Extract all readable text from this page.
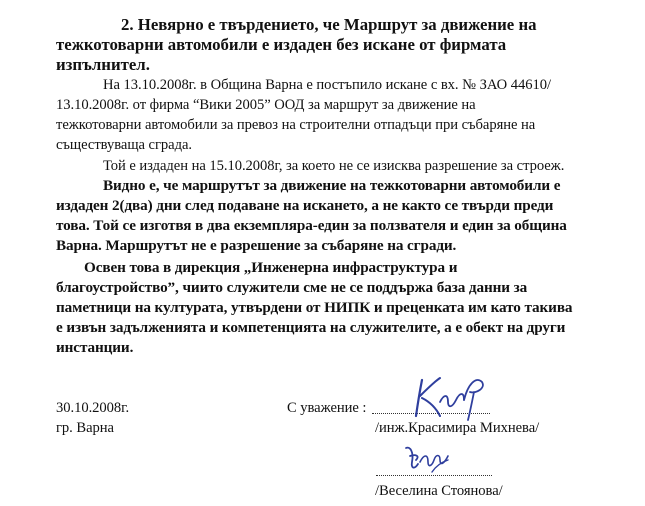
2. Невярно е твърдението, че Маршрут за движение на
тежкотоварни автомобили е издаден без искане от фирмата
изпълнител.
На 13.10.2008г. в Община Варна е постъпило искане с вх. № ЗАО 44610/
13.10.2008г. от фирма “Вики 2005” ООД за маршрут за движение на
тежкотоварни автомобили за превоз на строителни отпадъци при събаряне на
съществуваща сграда.
Той е издаден на 15.10.2008г, за което не се изисква разрешение за строеж.
Видно е, че маршрутът за движение на тежкотоварни автомобили е
издаден 2(два) дни след подаване на искането, а не както се твърди преди
това. Той се изготвя в два екземпляра-един за ползвателя и един за община
Варна. Маршрутът не е разрешение за събаряне на сгради.
Освен това в дирекция „Инженерна инфраструктура и
благоустройство”, чиито служители сме не се поддържа база данни за
паметници на културата, утвърдени от НИПК и преценката им като такива
е извън задълженията и компетенцията на служителите, а е обект на други
инстанции.
30.10.2008г.
гр. Варна
С уважение :
/инж.Красимира Михнева/
/Веселина Стоянова/
